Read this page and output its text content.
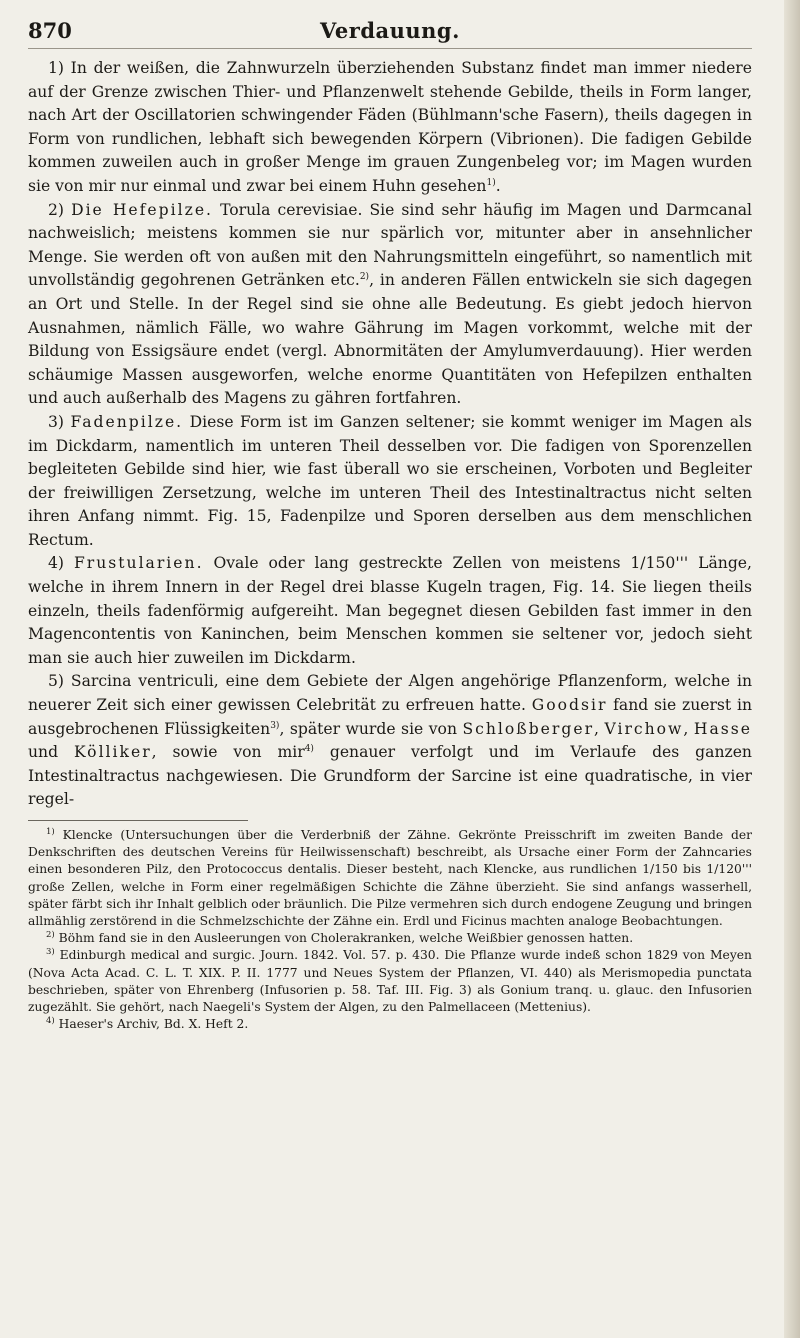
870	Verdauung.

1) In der weißen, die Zahnwurzeln überziehenden Substanz findet man immer niedere auf der Grenze zwischen Thier- und Pflanzenwelt stehende Gebilde, theils in Form langer, nach Art der Oscillatorien schwingender Fäden (Bühlmann'sche Fasern), theils dagegen in Form von rundlichen, lebhaft sich bewegenden Körpern (Vibrionen). Die fadigen Gebilde kommen zuweilen auch in großer Menge im grauen Zungenbeleg vor; im Magen wurden sie von mir nur einmal und zwar bei einem Huhn gesehen$^{1)}$.

2) Die Hefepilze. Torula cerevisiae. Sie sind sehr häufig im Magen und Darmcanal nachweislich; meistens kommen sie nur spärlich vor, mitunter aber in ansehnlicher Menge. Sie werden oft von außen mit den Nahrungsmitteln eingeführt, so namentlich mit unvollständig gegohrenen Getränken etc.$^{2)}$, in anderen Fällen entwickeln sie sich dagegen an Ort und Stelle. In der Regel sind sie ohne alle Bedeutung. Es giebt jedoch hiervon Ausnahmen, nämlich Fälle, wo wahre Gährung im Magen vorkommt, welche mit der Bildung von Essigsäure endet (vergl. Abnormitäten der Amylumverdauung). Hier werden schäumige Massen ausgeworfen, welche enorme Quantitäten von Hefepilzen enthalten und auch außerhalb des Magens zu gähren fortfahren.

3) Fadenpilze. Diese Form ist im Ganzen seltener; sie kommt weniger im Magen als im Dickdarm, namentlich im unteren Theil desselben vor. Die fadigen von Sporenzellen begleiteten Gebilde sind hier, wie fast überall wo sie erscheinen, Vorboten und Begleiter der freiwilligen Zersetzung, welche im unteren Theil des Intestinaltractus nicht selten ihren Anfang nimmt. Fig. 15, Fadenpilze und Sporen derselben aus dem menschlichen Rectum.

4) Frustularien. Ovale oder lang gestreckte Zellen von meistens 1/150''' Länge, welche in ihrem Innern in der Regel drei blasse Kugeln tragen, Fig. 14. Sie liegen theils einzeln, theils fadenförmig aufgereiht. Man begegnet diesen Gebilden fast immer in den Magencontentis von Kaninchen, beim Menschen kommen sie seltener vor, jedoch sieht man sie auch hier zuweilen im Dickdarm.

5) Sarcina ventriculi, eine dem Gebiete der Algen angehörige Pflanzenform, welche in neuerer Zeit sich einer gewissen Celebrität zu erfreuen hatte. Goodsir fand sie zuerst in ausgebrochenen Flüssigkeiten$^{3)}$, später wurde sie von Schloßberger, Virchow, Hasse und Kölliker, sowie von mir$^{4)}$ genauer verfolgt und im Verlaufe des ganzen Intestinaltractus nachgewiesen. Die Grundform der Sarcine ist eine quadratische, in vier regel-

$^{1)}$ Klencke (Untersuchungen über die Verderbniß der Zähne. Gekrönte Preisschrift im zweiten Bande der Denkschriften des deutschen Vereins für Heilwissenschaft) beschreibt, als Ursache einer Form der Zahncaries einen besonderen Pilz, den Protococcus dentalis. Dieser besteht, nach Klencke, aus rundlichen 1/150 bis 1/120''' große Zellen, welche in Form einer regelmäßigen Schichte die Zähne überzieht. Sie sind anfangs wasserhell, später färbt sich ihr Inhalt gelblich oder bräunlich. Die Pilze vermehren sich durch endogene Zeugung und bringen allmählig zerstörend in die Schmelzschichte der Zähne ein. Erdl und Ficinus machten analoge Beobachtungen.

$^{2)}$ Böhm fand sie in den Ausleerungen von Cholerakranken, welche Weißbier genossen hatten.

$^{3)}$ Edinburgh medical and surgic. Journ. 1842. Vol. 57. p. 430. Die Pflanze wurde indeß schon 1829 von Meyen (Nova Acta Acad. C. L. T. XIX. P. II. 1777 und Neues System der Pflanzen, VI. 440) als Merismopedia punctata beschrieben, später von Ehrenberg (Infusorien p. 58. Taf. III. Fig. 3) als Gonium tranq. u. glauc. den Infusorien zugezählt. Sie gehört, nach Naegeli's System der Algen, zu den Palmellaceen (Mettenius).

$^{4)}$ Haeser's Archiv, Bd. X. Heft 2.
